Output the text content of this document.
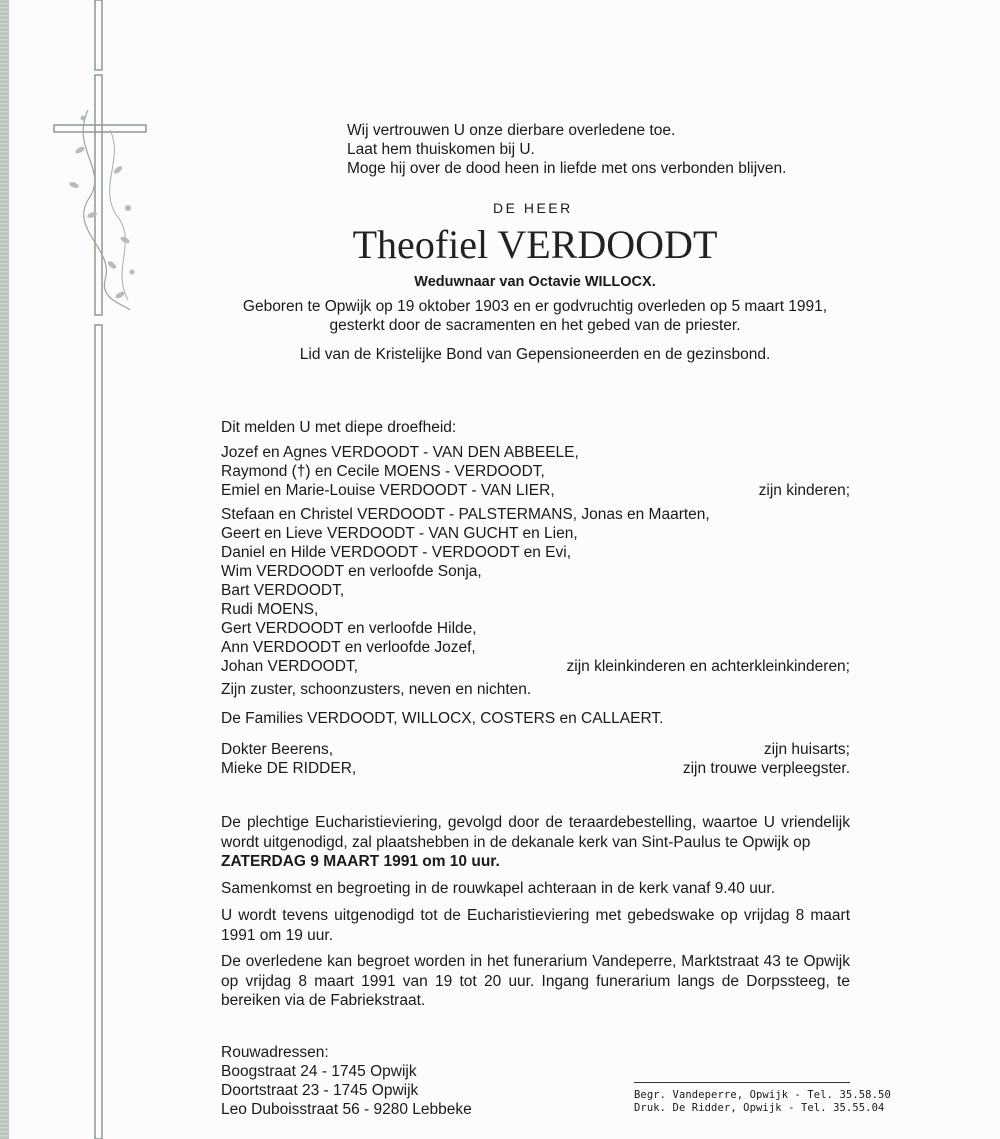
Wij vertrouwen U onze dierbare overledene toe.
Laat hem thuiskomen bij U.
Moge hij over de dood heen in liefde met ons verbonden blijven.
DE HEER
Theofiel VERDOODT
Weduwnaar van Octavie WILLOCX.
Geboren te Opwijk op 19 oktober 1903 en er godvruchtig overleden op 5 maart 1991,
gesterkt door de sacramenten en het gebed van de priester.
Lid van de Kristelijke Bond van Gepensioneerden en de gezinsbond.
Dit melden U met diepe droefheid:
Jozef en Agnes VERDOODT - VAN DEN ABBEELE,
Raymond (†) en Cecile MOENS - VERDOODT,
Emiel en Marie-Louise VERDOODT - VAN LIER,	zijn kinderen;
Stefaan en Christel VERDOODT - PALSTERMANS, Jonas en Maarten,
Geert en Lieve VERDOODT - VAN GUCHT en Lien,
Daniel en Hilde VERDOODT - VERDOODT en Evi,
Wim VERDOODT en verloofde Sonja,
Bart VERDOODT,
Rudi MOENS,
Gert VERDOODT en verloofde Hilde,
Ann VERDOODT en verloofde Jozef,
Johan VERDOODT,	zijn kleinkinderen en achterkleinkinderen;
Zijn zuster, schoonzusters, neven en nichten.
De Families VERDOODT, WILLOCX, COSTERS en CALLAERT.
Dokter Beerens,	zijn huisarts;
Mieke DE RIDDER,	zijn trouwe verpleegster.
De plechtige Eucharistieviering, gevolgd door de teraardebestelling, waartoe U vriendelijk wordt uitgenodigd, zal plaatshebben in de dekanale kerk van Sint-Paulus te Opwijk op
ZATERDAG 9 MAART 1991 om 10 uur.
Samenkomst en begroeting in de rouwkapel achteraan in de kerk vanaf 9.40 uur.
U wordt tevens uitgenodigd tot de Eucharistieviering met gebedswake op vrijdag 8 maart 1991 om 19 uur.
De overledene kan begroet worden in het funerarium Vandeperre, Marktstraat 43 te Opwijk op vrijdag 8 maart 1991 van 19 tot 20 uur. Ingang funerarium langs de Dorpssteeg, te bereiken via de Fabriekstraat.
Rouwadressen:
Boogstraat 24 - 1745 Opwijk
Doortstraat 23 - 1745 Opwijk
Leo Duboisstraat 56 - 9280 Lebbeke
Begr. Vandeperre, Opwijk - Tel. 35.58.50
Druk. De Ridder, Opwijk - Tel. 35.55.04
